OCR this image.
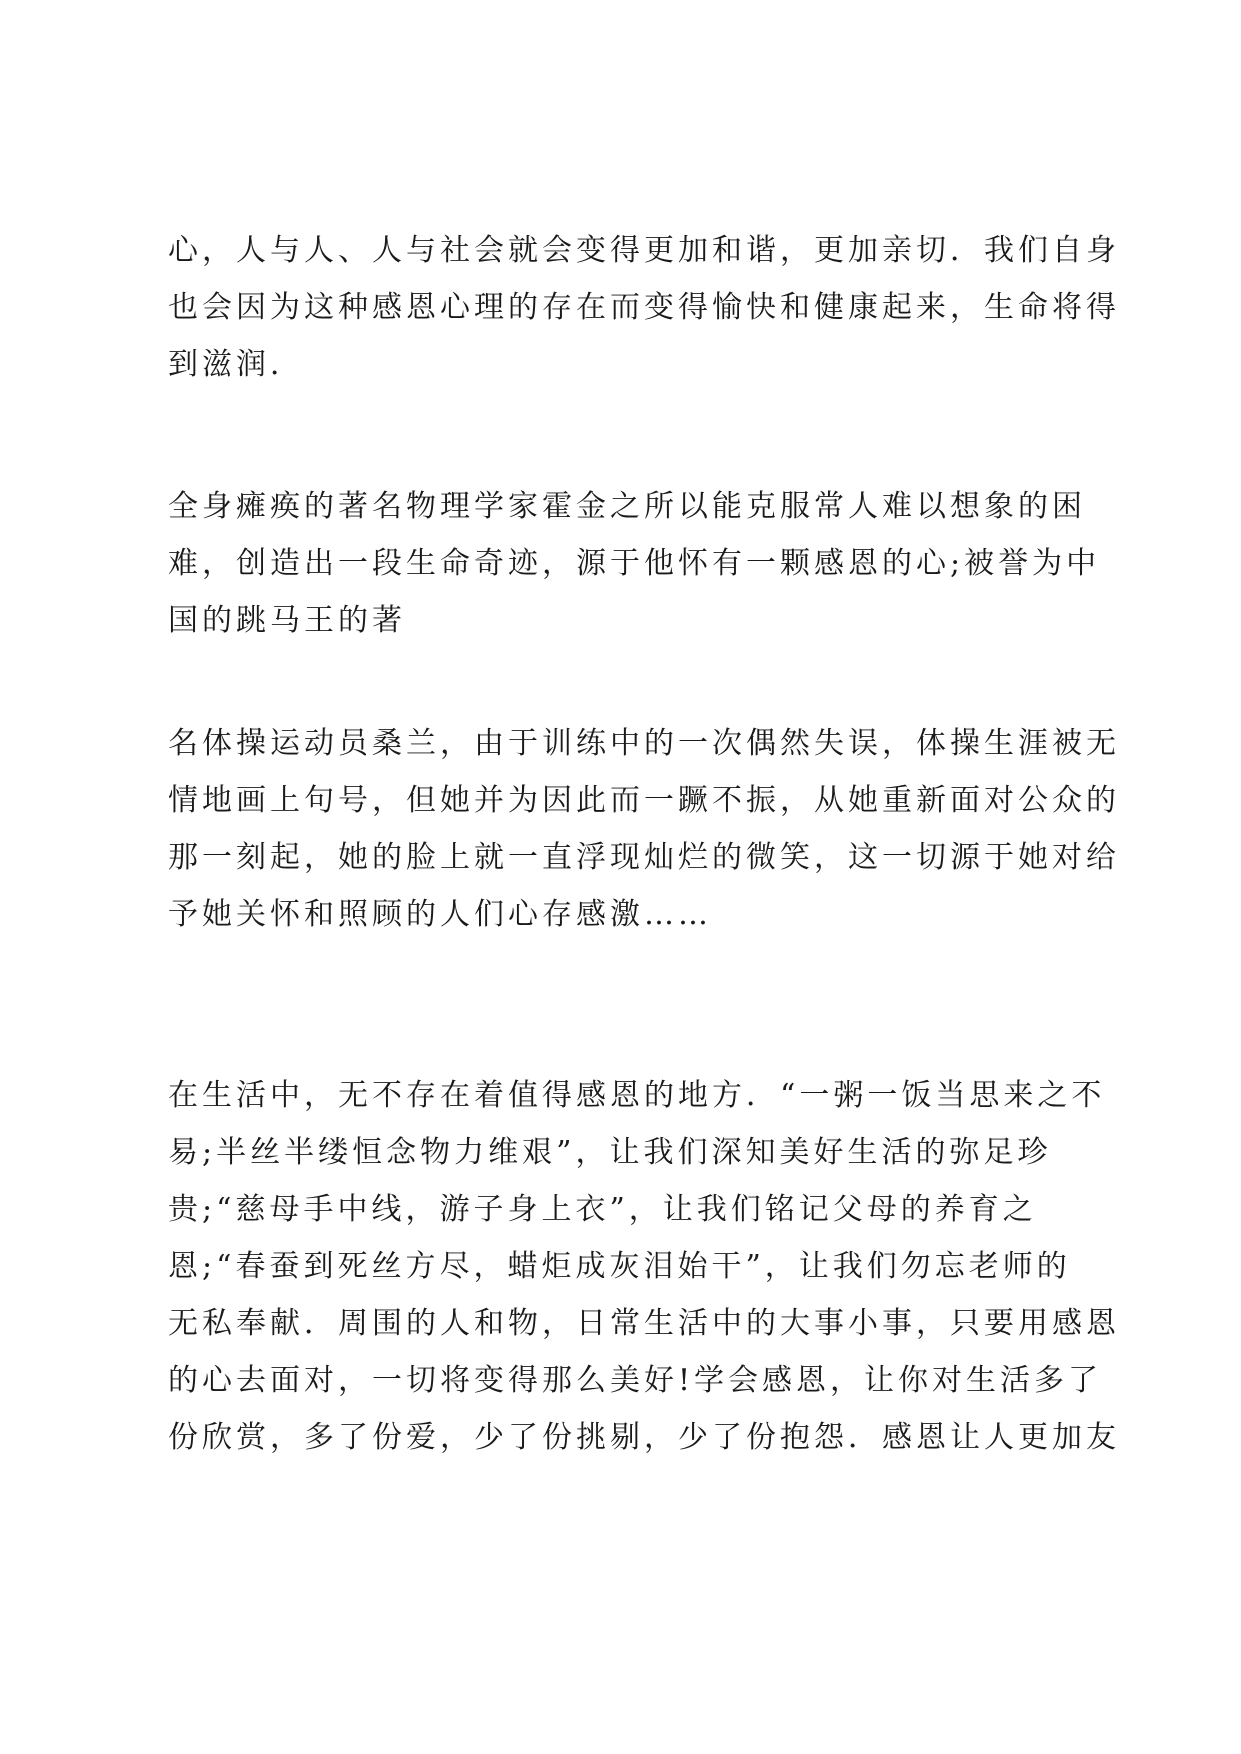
心，人与人、人与社会就会变得更加和谐，更加亲切．我们自身
也会因为这种感恩心理的存在而变得愉快和健康起来，生命将得
到滋润．
全身瘫痪的著名物理学家霍金之所以能克服常人难以想象的困
难，创造出一段生命奇迹，源于他怀有一颗感恩的心;被誉为中
国的跳马王的著
名体操运动员桑兰，由于训练中的一次偶然失误，体操生涯被无
情地画上句号，但她并为因此而一蹶不振，从她重新面对公众的
那一刻起，她的脸上就一直浮现灿烂的微笑，这一切源于她对给
予她关怀和照顾的人们心存感激……
在生活中，无不存在着值得感恩的地方．“一粥一饭当思来之不
易;半丝半缕恒念物力维艰”，让我们深知美好生活的弥足珍
贵;“慈母手中线，游子身上衣”，让我们铭记父母的养育之
恩;“春蚕到死丝方尽，蜡炬成灰泪始干”，让我们勿忘老师的
无私奉献．周围的人和物，日常生活中的大事小事，只要用感恩
的心去面对，一切将变得那么美好!学会感恩，让你对生活多了
份欣赏，多了份爱，少了份挑剔，少了份抱怨．感恩让人更加友
